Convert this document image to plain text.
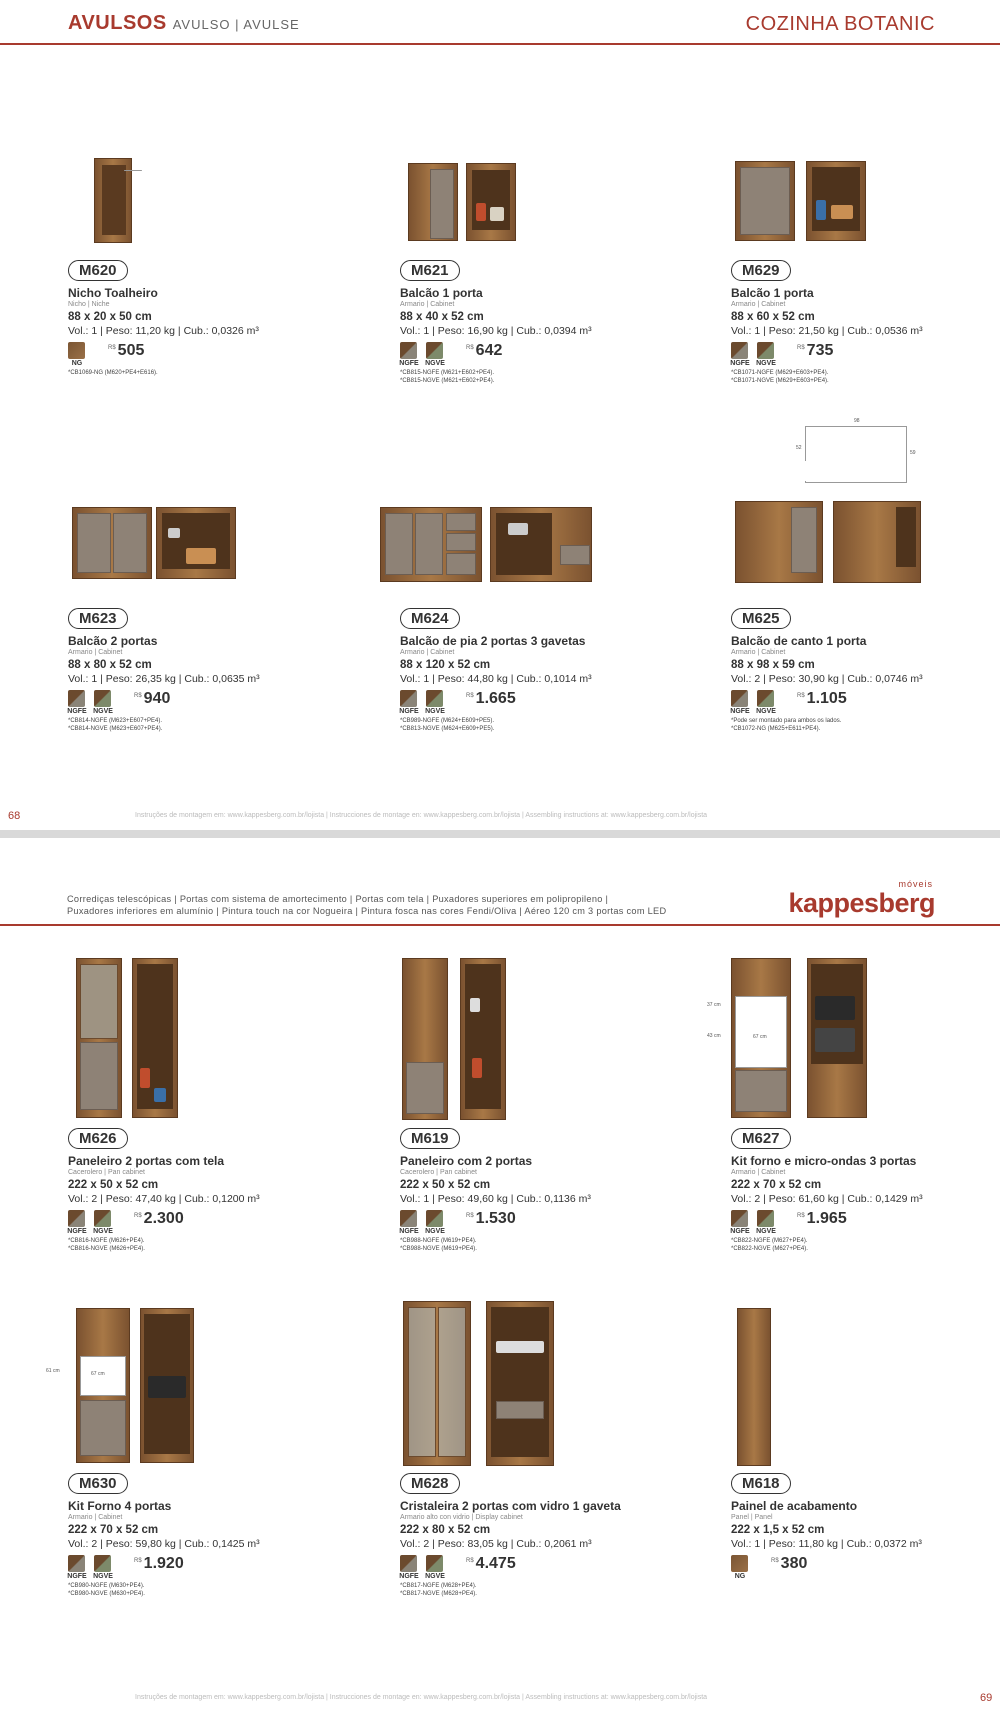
AVULSOS AVULSO | AVULSE	COZINHA BOTANIC
M620
Nicho Toalheiro
Nicho | Niche
88 x 20 x 50 cm
Vol.: 1 | Peso: 11,20 kg | Cub.: 0,0326 m³
NG
R$ 505
*CB1069-NG (M620+PE4+E616).
M621
Balcão 1 porta
Armario | Cabinet
88 x 40 x 52 cm
Vol.: 1 | Peso: 16,90 kg | Cub.: 0,0394 m³
NGFE NGVE
R$ 642
*CB815-NGFE (M621+E602+PE4).
*CB815-NGVE (M621+E602+PE4).
M629
Balcão 1 porta
Armario | Cabinet
88 x 60 x 52 cm
Vol.: 1 | Peso: 21,50 kg | Cub.: 0,0536 m³
NGFE NGVE
R$ 735
*CB1071-NGFE (M629+E603+PE4).
*CB1071-NGVE (M629+E603+PE4).
M623
Balcão 2 portas
Armario | Cabinet
88 x 80 x 52 cm
Vol.: 1 | Peso: 26,35 kg | Cub.: 0,0635 m³
NGFE NGVE
R$ 940
*CB814-NGFE (M623+E607+PE4).
*CB814-NGVE (M623+E607+PE4).
M624
Balcão de pia 2 portas 3 gavetas
Armario | Cabinet
88 x 120 x 52 cm
Vol.: 1 | Peso: 44,80 kg | Cub.: 0,1014 m³
NGFE NGVE
R$ 1.665
*CB989-NGFE (M624+E609+PE5).
*CB813-NGVE (M624+E609+PE5).
M625
Balcão de canto 1 porta
Armario | Cabinet
88 x 98 x 59 cm
Vol.: 2 | Peso: 30,90 kg | Cub.: 0,0746 m³
NGFE NGVE
R$ 1.105
*Pode ser montado para ambos os lados.
*CB1072-NG (M625+E611+PE4).
98
52
59
68	Instruções de montagem em: www.kappesberg.com.br/lojista | Instrucciones de montage en: www.kappesberg.com.br/lojista | Assembling instructions at: www.kappesberg.com.br/lojista
Corrediças telescópicas | Portas com sistema de amortecimento | Portas com tela | Puxadores superiores em polipropileno |
Puxadores inferiores em alumínio | Pintura touch na cor Nogueira | Pintura fosca nas cores Fendi/Oliva | Aéreo 120 cm 3 portas com LED	kappesberg
móveis
M626
Paneleiro 2 portas com tela
Cacerolero | Pan cabinet
222 x 50 x 52 cm
Vol.: 2 | Peso: 47,40 kg | Cub.: 0,1200 m³
NGFE NGVE
R$ 2.300
*CB816-NGFE (M626+PE4).
*CB816-NGVE (M626+PE4).
M619
Paneleiro com 2 portas
Cacerolero | Pan cabinet
222 x 50 x 52 cm
Vol.: 1 | Peso: 49,60 kg | Cub.: 0,1136 m³
NGFE NGVE
R$ 1.530
*CB988-NGFE (M619+PE4).
*CB988-NGVE (M619+PE4).
37 cm
43 cm	67 cm
M627
Kit forno e micro-ondas 3 portas
Armario | Cabinet
222 x 70 x 52 cm
Vol.: 2 | Peso: 61,60 kg | Cub.: 0,1429 m³
NGFE NGVE
R$ 1.965
*CB822-NGFE (M627+PE4).
*CB822-NGVE (M627+PE4).
61 cm	67 cm
M630
Kit Forno 4 portas
Armario | Cabinet
222 x 70 x 52 cm
Vol.: 2 | Peso: 59,80 kg | Cub.: 0,1425 m³
NGFE NGVE
R$ 1.920
*CB980-NGFE (M630+PE4).
*CB980-NGVE (M630+PE4).
M628
Cristaleira 2 portas com vidro 1 gaveta
Armario alto con vidrio | Display cabinet
222 x 80 x 52 cm
Vol.: 2 | Peso: 83,05 kg | Cub.: 0,2061 m³
NGFE NGVE
R$ 4.475
*CB817-NGFE (M628+PE4).
*CB817-NGVE (M628+PE4).
M618
Painel de acabamento
Panel | Panel
222 x 1,5 x 52 cm
Vol.: 1 | Peso: 11,80 kg | Cub.: 0,0372 m³
NG
R$ 380
Instruções de montagem em: www.kappesberg.com.br/lojista | Instrucciones de montage en: www.kappesberg.com.br/lojista | Assembling instructions at: www.kappesberg.com.br/lojista	69
